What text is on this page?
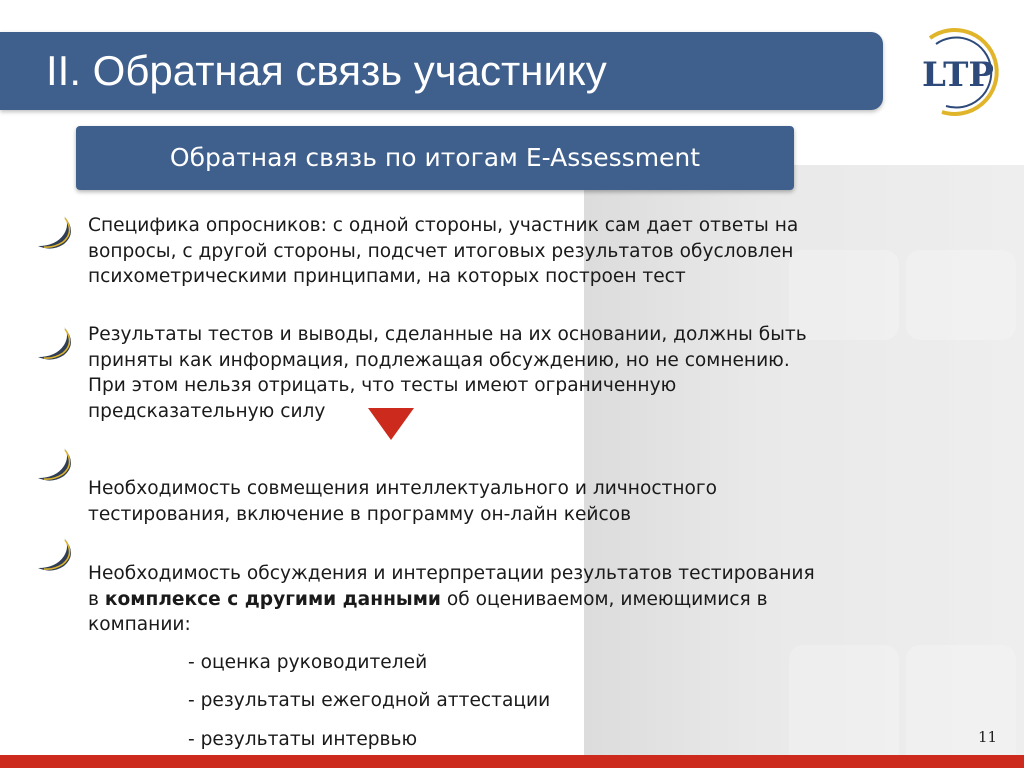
II. Обратная связь участнику	LTP
Обратная связь по итогам E-Assessment
Специфика опросников: с одной стороны, участник сам дает ответы на
вопросы, с другой стороны, подсчет итоговых результатов обусловлен
психометрическими принципами, на которых построен тест
Результаты тестов и выводы, сделанные на их основании, должны быть
приняты как информация, подлежащая обсуждению, но не сомнению.
При этом нельзя отрицать, что тесты имеют ограниченную
предсказательную силу
Необходимость совмещения интеллектуального и личностного
тестирования, включение в программу он-лайн кейсов
Необходимость обсуждения и интерпретации результатов тестирования
в комплексе с другими данными об оцениваемом, имеющимися в
компании:
- оценка руководителей
- результаты ежегодной аттестации
- результаты интервью	11
